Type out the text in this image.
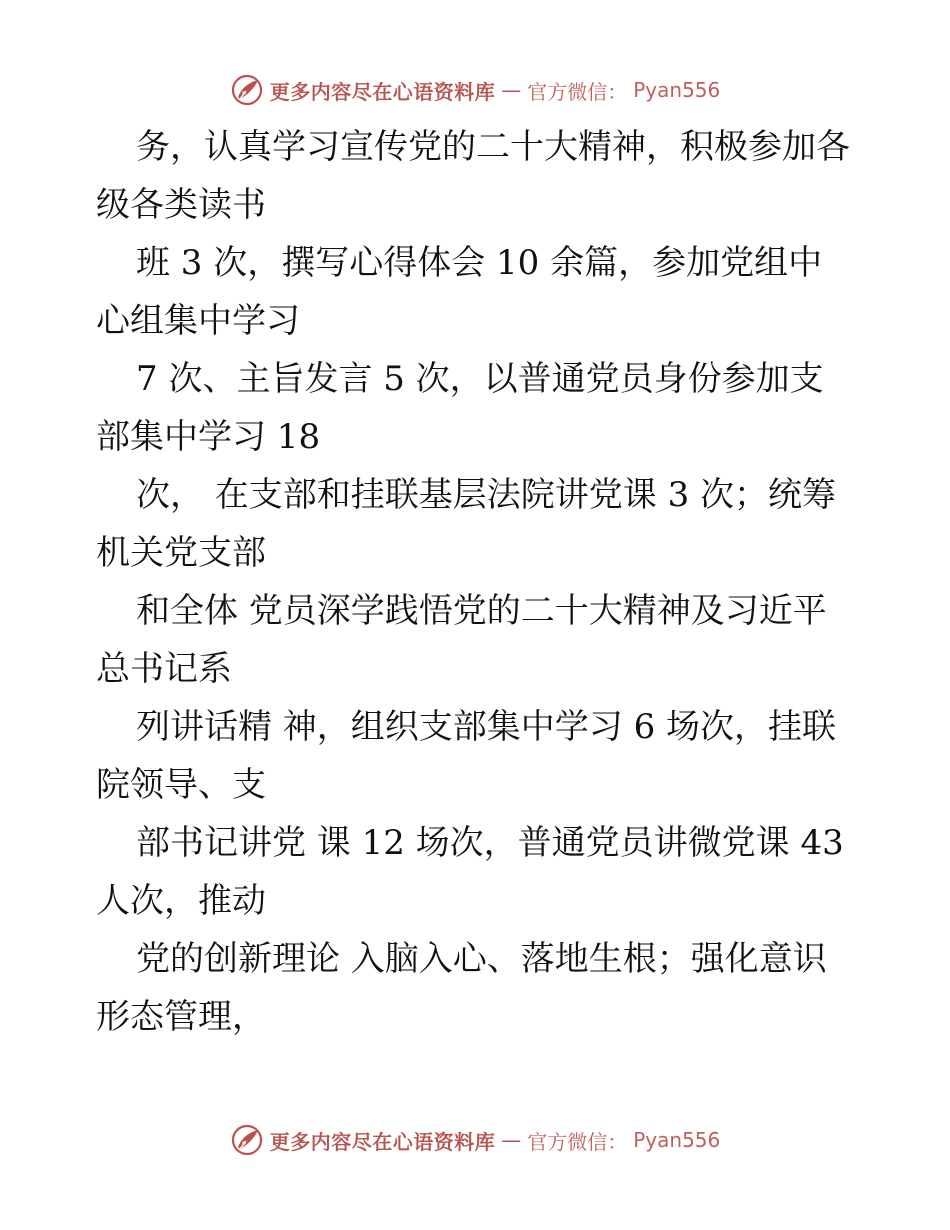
更多内容尽在心语资料库 — 官方微信： Pyan556

务，认真学习宣传党的二十大精神，积极参加各

级各类读书

班 3 次，撰写心得体会 10 余篇，参加党组中

心组集中学习

7 次、主旨发言 5 次，以普通党员身份参加支

部集中学习 18

次， 在支部和挂联基层法院讲党课 3 次；统筹

机关党支部

和全体 党员深学践悟党的二十大精神及习近平

总书记系

列讲话精 神，组织支部集中学习 6 场次，挂联

院领导、支

部书记讲党 课 12 场次，普通党员讲微党课 43

人次，推动

党的创新理论 入脑入心、落地生根；强化意识

形态管理，

更多内容尽在心语资料库 — 官方微信： Pyan556
